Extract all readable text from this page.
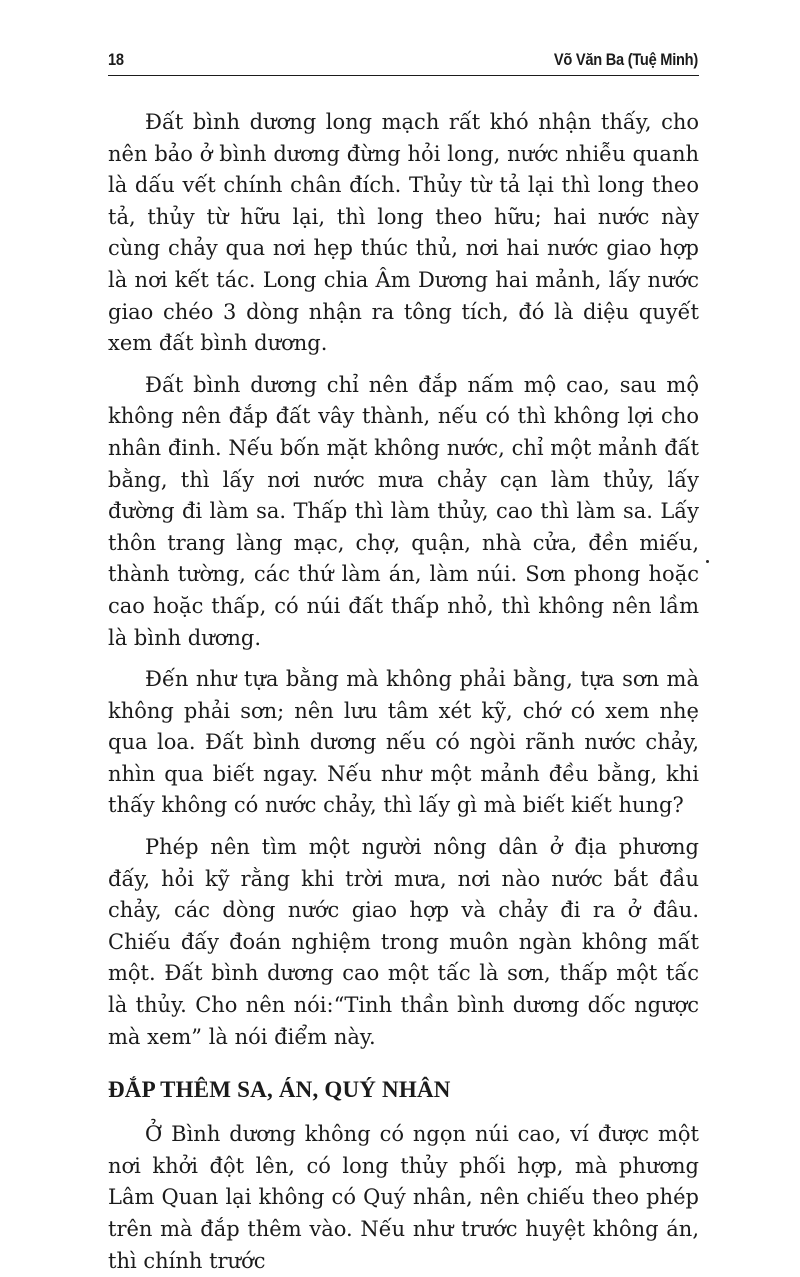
18	Võ Văn Ba (Tuệ Minh)

Đất bình dương long mạch rất khó nhận thấy, cho nên bảo ở bình dương đừng hỏi long, nước nhiễu quanh là dấu vết chính chân đích. Thủy từ tả lại thì long theo tả, thủy từ hữu lại, thì long theo hữu; hai nước này cùng chảy qua nơi hẹp thúc thủ, nơi hai nước giao hợp là nơi kết tác. Long chia Âm Dương hai mảnh, lấy nước giao chéo 3 dòng nhận ra tông tích, đó là diệu quyết xem đất bình dương.

Đất bình dương chỉ nên đắp nấm mộ cao, sau mộ không nên đắp đất vây thành, nếu có thì không lợi cho nhân đinh. Nếu bốn mặt không nước, chỉ một mảnh đất bằng, thì lấy nơi nước mưa chảy cạn làm thủy, lấy đường đi làm sa. Thấp thì làm thủy, cao thì làm sa. Lấy thôn trang làng mạc, chợ, quận, nhà cửa, đền miếu, thành tường, các thứ làm án, làm núi. Sơn phong hoặc cao hoặc thấp, có núi đất thấp nhỏ, thì không nên lầm là bình dương.

Đến như tựa bằng mà không phải bằng, tựa sơn mà không phải sơn; nên lưu tâm xét kỹ, chớ có xem nhẹ qua loa. Đất bình dương nếu có ngòi rãnh nước chảy, nhìn qua biết ngay. Nếu như một mảnh đều bằng, khi thấy không có nước chảy, thì lấy gì mà biết kiết hung?

Phép nên tìm một người nông dân ở địa phương đấy, hỏi kỹ rằng khi trời mưa, nơi nào nước bắt đầu chảy, các dòng nước giao hợp và chảy đi ra ở đâu. Chiếu đấy đoán nghiệm trong muôn ngàn không mất một. Đất bình dương cao một tấc là sơn, thấp một tấc là thủy. Cho nên nói:“Tinh thần bình dương dốc ngược mà xem” là nói điểm này.

ĐẮP THÊM SA, ÁN, QUÝ NHÂN

Ở Bình dương không có ngọn núi cao, ví được một nơi khởi đột lên, có long thủy phối hợp, mà phương Lâm Quan lại không có Quý nhân, nên chiếu theo phép trên mà đắp thêm vào. Nếu như trước huyệt không án, thì chính trước
